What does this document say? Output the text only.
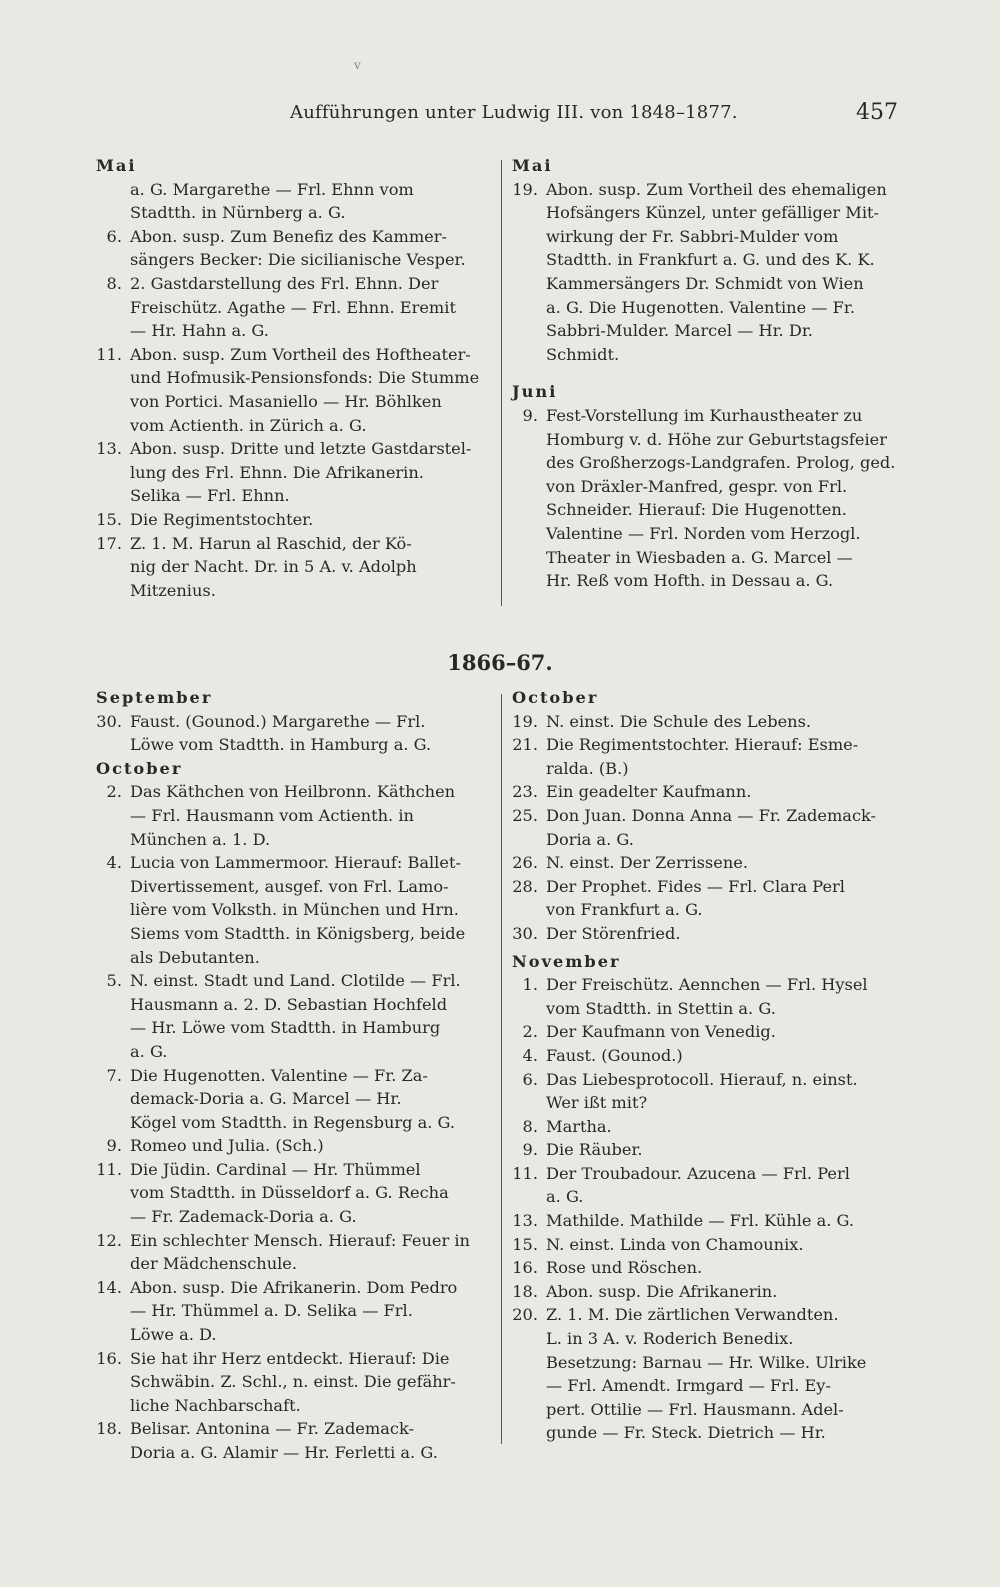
v
Aufführungen unter Ludwig III. von 1848–1877.	457
Mai
a. G. Margarethe — Frl. Ehnn vom
Stadtth. in Nürnberg a. G.
6. Abon. susp. Zum Benefiz des Kammer-
sängers Becker: Die sicilianische Vesper.
8. 2. Gastdarstellung des Frl. Ehnn. Der
Freischütz. Agathe — Frl. Ehnn. Eremit
— Hr. Hahn a. G.
11. Abon. susp. Zum Vortheil des Hoftheater-
und Hofmusik-Pensionsfonds: Die Stumme
von Portici. Masaniello — Hr. Böhlken
vom Actienth. in Zürich a. G.
13. Abon. susp. Dritte und letzte Gastdarstel-
lung des Frl. Ehnn. Die Afrikanerin.
Selika — Frl. Ehnn.
15. Die Regimentstochter.
17. Z. 1. M. Harun al Raschid, der Kö-
nig der Nacht. Dr. in 5 A. v. Adolph
Mitzenius.
Mai
19. Abon. susp. Zum Vortheil des ehemaligen
Hofsängers Künzel, unter gefälliger Mit-
wirkung der Fr. Sabbri-Mulder vom
Stadtth. in Frankfurt a. G. und des K. K.
Kammersängers Dr. Schmidt von Wien
a. G. Die Hugenotten. Valentine — Fr.
Sabbri-Mulder. Marcel — Hr. Dr.
Schmidt.
Juni
9. Fest-Vorstellung im Kurhaustheater zu
Homburg v. d. Höhe zur Geburtstagsfeier
des Großherzogs-Landgrafen. Prolog, ged.
von Dräxler-Manfred, gespr. von Frl.
Schneider. Hierauf: Die Hugenotten.
Valentine — Frl. Norden vom Herzogl.
Theater in Wiesbaden a. G. Marcel —
Hr. Reß vom Hofth. in Dessau a. G.
1866–67.
September
30. Faust. (Gounod.) Margarethe — Frl.
Löwe vom Stadtth. in Hamburg a. G.
October
2. Das Käthchen von Heilbronn. Käthchen
— Frl. Hausmann vom Actienth. in
München a. 1. D.
4. Lucia von Lammermoor. Hierauf: Ballet-
Divertissement, ausgef. von Frl. Lamo-
lière vom Volksth. in München und Hrn.
Siems vom Stadtth. in Königsberg, beide
als Debutanten.
5. N. einst. Stadt und Land. Clotilde — Frl.
Hausmann a. 2. D. Sebastian Hochfeld
— Hr. Löwe vom Stadtth. in Hamburg
a. G.
7. Die Hugenotten. Valentine — Fr. Za-
demack-Doria a. G. Marcel — Hr.
Kögel vom Stadtth. in Regensburg a. G.
9. Romeo und Julia. (Sch.)
11. Die Jüdin. Cardinal — Hr. Thümmel
vom Stadtth. in Düsseldorf a. G. Recha
— Fr. Zademack-Doria a. G.
12. Ein schlechter Mensch. Hierauf: Feuer in
der Mädchenschule.
14. Abon. susp. Die Afrikanerin. Dom Pedro
— Hr. Thümmel a. D. Selika — Frl.
Löwe a. D.
16. Sie hat ihr Herz entdeckt. Hierauf: Die
Schwäbin. Z. Schl., n. einst. Die gefähr-
liche Nachbarschaft.
18. Belisar. Antonina — Fr. Zademack-
Doria a. G. Alamir — Hr. Ferletti a. G.
October
19. N. einst. Die Schule des Lebens.
21. Die Regimentstochter. Hierauf: Esme-
ralda. (B.)
23. Ein geadelter Kaufmann.
25. Don Juan. Donna Anna — Fr. Zademack-
Doria a. G.
26. N. einst. Der Zerrissene.
28. Der Prophet. Fides — Frl. Clara Perl
von Frankfurt a. G.
30. Der Störenfried.
November
1. Der Freischütz. Aennchen — Frl. Hysel
vom Stadtth. in Stettin a. G.
2. Der Kaufmann von Venedig.
4. Faust. (Gounod.)
6. Das Liebesprotocoll. Hierauf, n. einst.
Wer ißt mit?
8. Martha.
9. Die Räuber.
11. Der Troubadour. Azucena — Frl. Perl
a. G.
13. Mathilde. Mathilde — Frl. Kühle a. G.
15. N. einst. Linda von Chamounix.
16. Rose und Röschen.
18. Abon. susp. Die Afrikanerin.
20. Z. 1. M. Die zärtlichen Verwandten.
L. in 3 A. v. Roderich Benedix.
Besetzung: Barnau — Hr. Wilke. Ulrike
— Frl. Amendt. Irmgard — Frl. Ey-
pert. Ottilie — Frl. Hausmann. Adel-
gunde — Fr. Steck. Dietrich — Hr.
